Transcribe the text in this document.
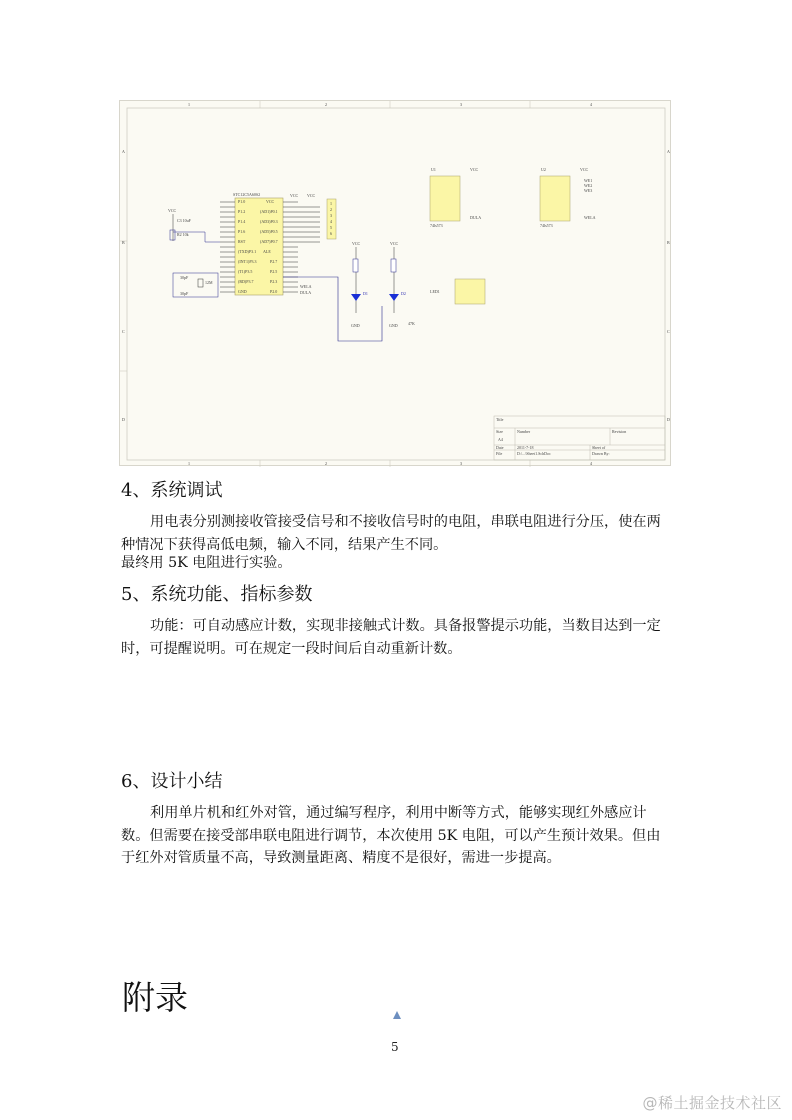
1	2	3	4
1	2	3	4
A
B
C
D
A
B
C
D
STC12C5A60S2
P1.0
P1.2
P1.4
P1.6
RST
(TXD)P3.1
(INT1)P3.3
(T1)P3.5
(RD)P3.7
GND
VCC
(AD1)P0.1
(AD3)P0.3
(AD5)P0.5
(AD7)P0.7
ALE
P2.7
P2.5
P2.3
P2.0
VCC VCC
1
2
3
4
5
6
VCC
C3 10uF
R2 10k
30pF
30pF
12M
WELA
DULA
VCC	VCC
D1	D2
GND	GND	47K
U1	VCC
74ls573
DULA
U2	VCC
74ls573
WE1
WE2
WE3
WELA
LED1
Title
Size
A4
Number	Revision
Date	2011-7-18	Sheet of
File	D:\...\Sheet1.SchDoc	Drawn By:
4、系统调试

用电表分别测接收管接受信号和不接收信号时的电阻，串联电阻进行分压，使在两种情况下获得高低电频，输入不同，结果产生不同。

最终用 5K 电阻进行实验。

5、系统功能、指标参数

功能：可自动感应计数，实现非接触式计数。具备报警提示功能，当数目达到一定时，可提醒说明。可在规定一段时间后自动重新计数。

6、设计小结

利用单片机和红外对管，通过编写程序，利用中断等方式，能够实现红外感应计数。但需要在接受部串联电阻进行调节，本次使用 5K 电阻，可以产生预计效果。但由于红外对管质量不高，导致测量距离、精度不是很好，需进一步提高。

附录
5
@稀土掘金技术社区
